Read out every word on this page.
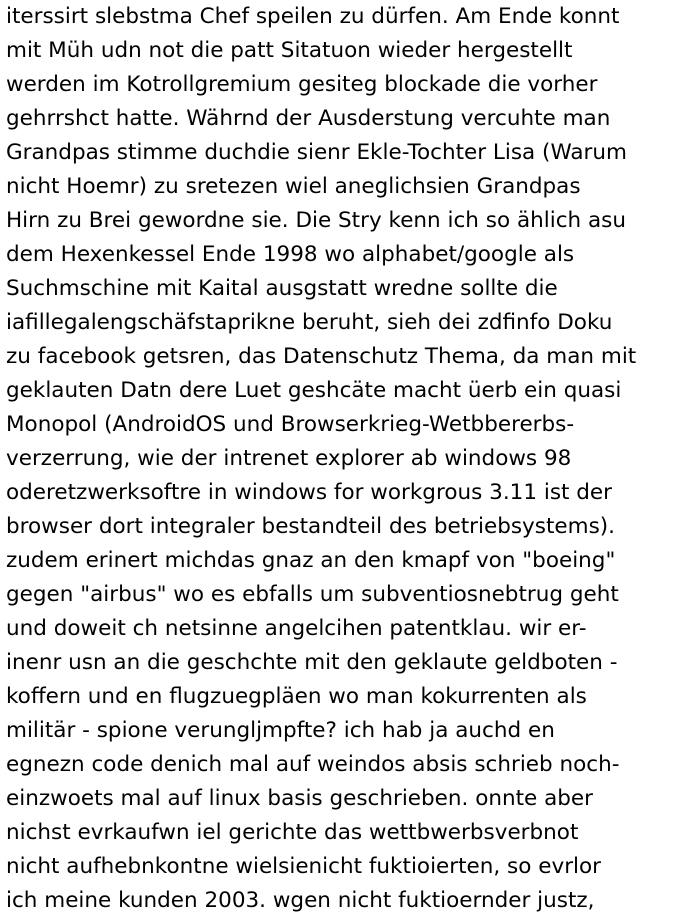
iterssirt slebstma Chef speilen zu dürfen. Am Ende konnt
mit Müh udn not die patt Sitatuon wieder hergestellt
werden im Kotrollgremium gesiteg blockade die vorher
gehrrshct hatte. Währnd der Ausderstung vercuhte man
Grandpas stimme duchdie sienr Ekle-Tochter Lisa (Warum
nicht Hoemr) zu sretezen wiel aneglichsien Grandpas
Hirn zu Brei gewordne sie. Die Stry kenn ich so ählich asu
dem Hexenkessel Ende 1998 wo alphabet/google als
Suchmschine mit Kaital ausgstatt wredne sollte die
iafillegalengschäfstaprikne beruht, sieh dei zdfinfo Doku
zu facebook getsren, das Datenschutz Thema, da man mit
geklauten Datn dere Luet geshcäte macht üerb ein quasi
Monopol (AndroidOS und Browserkrieg-Wetbbererbs-
verzerrung, wie der intrenet explorer ab windows 98
oderetzwerksoftre in windows for workgrous 3.11 ist der
browser dort integraler bestandteil des betriebsystems).
zudem erinert michdas gnaz an den kmapf von "boeing"
gegen "airbus" wo es ebfalls um subventiosnebtrug geht
und doweit ch netsinne angelcihen patentklau. wir er-
inenr usn an die geschchte mit den geklaute geldboten -
koffern und en flugzuegpläen wo man kokurrenten als
militär - spione verungljmpfte? ich hab ja auchd en
egnezn code denich mal auf weindos absis schrieb noch-
einzwoets mal auf linux basis geschrieben. onnte aber
nichst evrkaufwn iel gerichte das wettbwerbsverbnot
nicht aufhebnkontne wielsienicht fuktioierten, so evrlor
ich meine kunden 2003. wgen nicht fuktioernder justz,
